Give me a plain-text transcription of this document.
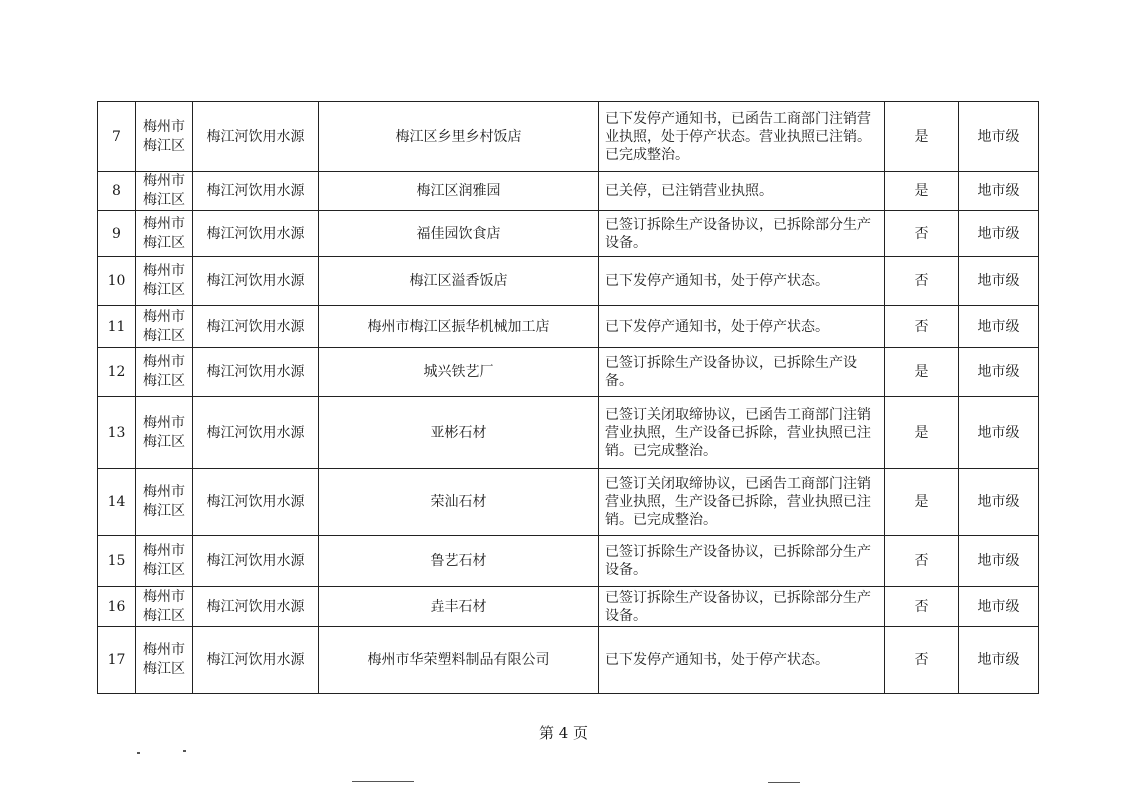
7	梅州市梅江区	梅江河饮用水源	梅江区乡里乡村饭店	已下发停产通知书，已函告工商部门注销营业执照，处于停产状态。营业执照已注销。已完成整治。	是	地市级
8	梅州市梅江区	梅江河饮用水源	梅江区润雅园	已关停，已注销营业执照。	是	地市级
9	梅州市梅江区	梅江河饮用水源	福佳园饮食店	已签订拆除生产设备协议，已拆除部分生产设备。	否	地市级
10	梅州市梅江区	梅江河饮用水源	梅江区溢香饭店	已下发停产通知书，处于停产状态。	否	地市级
11	梅州市梅江区	梅江河饮用水源	梅州市梅江区振华机械加工店	已下发停产通知书，处于停产状态。	否	地市级
12	梅州市梅江区	梅江河饮用水源	城兴铁艺厂	已签订拆除生产设备协议，已拆除生产设备。	是	地市级
13	梅州市梅江区	梅江河饮用水源	亚彬石材	已签订关闭取缔协议，已函告工商部门注销营业执照，生产设备已拆除，营业执照已注销。已完成整治。	是	地市级
14	梅州市梅江区	梅江河饮用水源	荣汕石材	已签订关闭取缔协议，已函告工商部门注销营业执照，生产设备已拆除，营业执照已注销。已完成整治。	是	地市级
15	梅州市梅江区	梅江河饮用水源	鲁艺石材	已签订拆除生产设备协议，已拆除部分生产设备。	否	地市级
16	梅州市梅江区	梅江河饮用水源	垚丰石材	已签订拆除生产设备协议，已拆除部分生产设备。	否	地市级
17	梅州市梅江区	梅江河饮用水源	梅州市华荣塑料制品有限公司	已下发停产通知书，处于停产状态。	否	地市级
第 4 页
